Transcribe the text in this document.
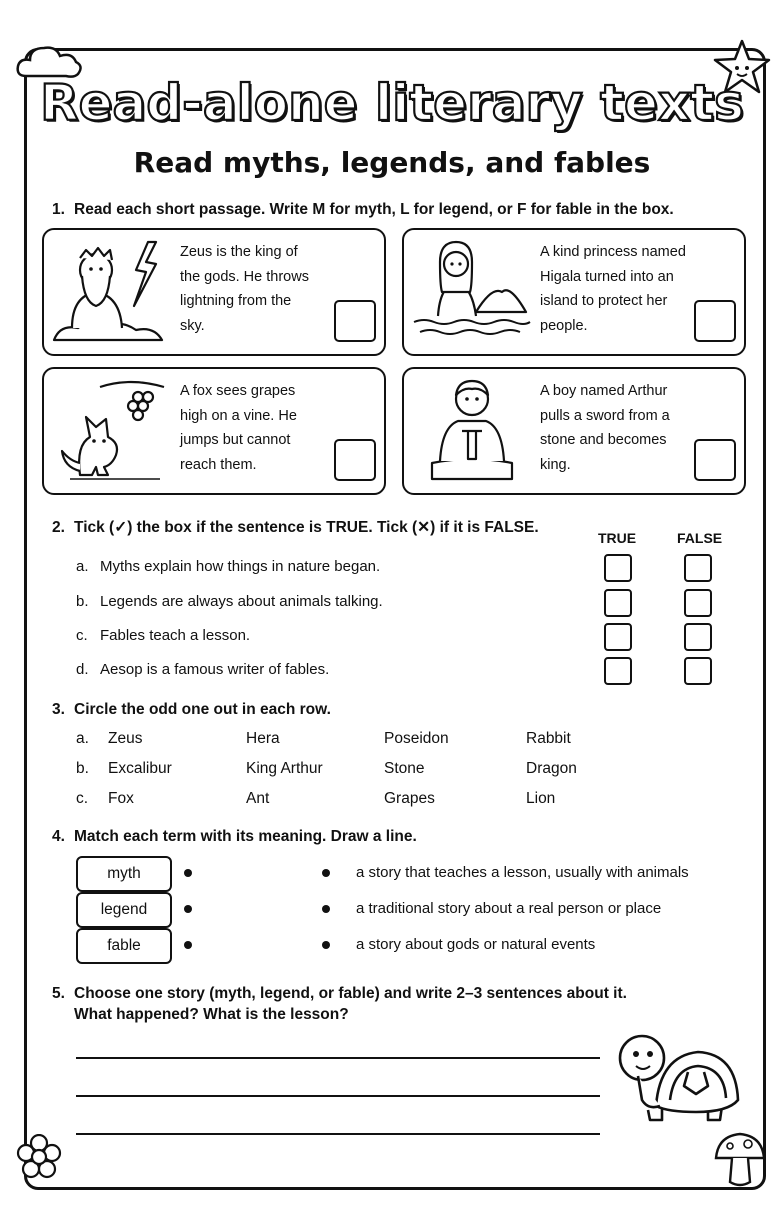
Read-alone literary texts
Read myths, legends, and fables
1. Read each short passage. Write M for myth, L for legend, or F for fable in the box.
Zeus is the king of
the gods. He throws
lightning from the
sky.
A kind princess named
Higala turned into an
island to protect her
people.
A fox sees grapes
high on a vine. He
jumps but cannot
reach them.
A boy named Arthur
pulls a sword from a
stone and becomes
king.
2. Tick (✓) the box if the sentence is TRUE. Tick (✕) if it is FALSE.
TRUE	FALSE
a. Myths explain how things in nature began.
b. Legends are always about animals talking.
c. Fables teach a lesson.
d. Aesop is a famous writer of fables.
3. Circle the odd one out in each row.
a. Zeus	Hera	Poseidon	Rabbit
b. Excalibur	King Arthur	Stone	Dragon
c. Fox	Ant	Grapes	Lion
4. Match each term with its meaning. Draw a line.
myth
legend
fable
a story that teaches a lesson, usually with animals
a traditional story about a real person or place
a story about gods or natural events
5. Choose one story (myth, legend, or fable) and write 2–3 sentences about it.
What happened? What is the lesson?
